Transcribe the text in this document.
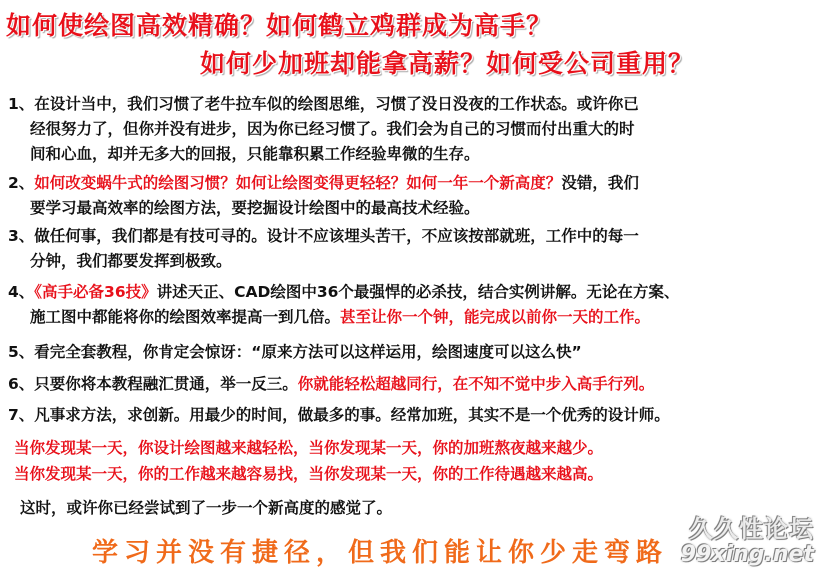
如何使绘图高效精确？如何鹤立鸡群成为高手？
如何少加班却能拿高薪？如何受公司重用？
1、在设计当中，我们习惯了老牛拉车似的绘图思维，习惯了没日没夜的工作状态。或许你已
经很努力了，但你并没有进步，因为你已经习惯了。我们会为自己的习惯而付出重大的时
间和心血，却并无多大的回报，只能靠积累工作经验卑微的生存。
2、如何改变蜗牛式的绘图习惯？如何让绘图变得更轻轻？如何一年一个新高度？没错，我们
要学习最高效率的绘图方法，要挖掘设计绘图中的最高技术经验。
3、做任何事，我们都是有技可寻的。设计不应该埋头苦干，不应该按部就班，工作中的每一
分钟，我们都要发挥到极致。
4、《高手必备36技》讲述天正、CAD绘图中36个最强悍的必杀技，结合实例讲解。无论在方案、
施工图中都能将你的绘图效率提高一到几倍。甚至让你一个钟，能完成以前你一天的工作。
5、看完全套教程，你肯定会惊讶：“原来方法可以这样运用，绘图速度可以这么快”
6、只要你将本教程融汇贯通，举一反三。你就能轻松超越同行，在不知不觉中步入高手行列。
7、凡事求方法，求创新。用最少的时间，做最多的事。经常加班，其实不是一个优秀的设计师。
当你发现某一天，你设计绘图越来越轻松，当你发现某一天，你的加班熬夜越来越少。
当你发现某一天，你的工作越来越容易找，当你发现某一天，你的工作待遇越来越高。
这时，或许你已经尝试到了一步一个新高度的感觉了。
学习并没有捷径，但我们能让你少走弯路
久久性论坛
99xing.net
